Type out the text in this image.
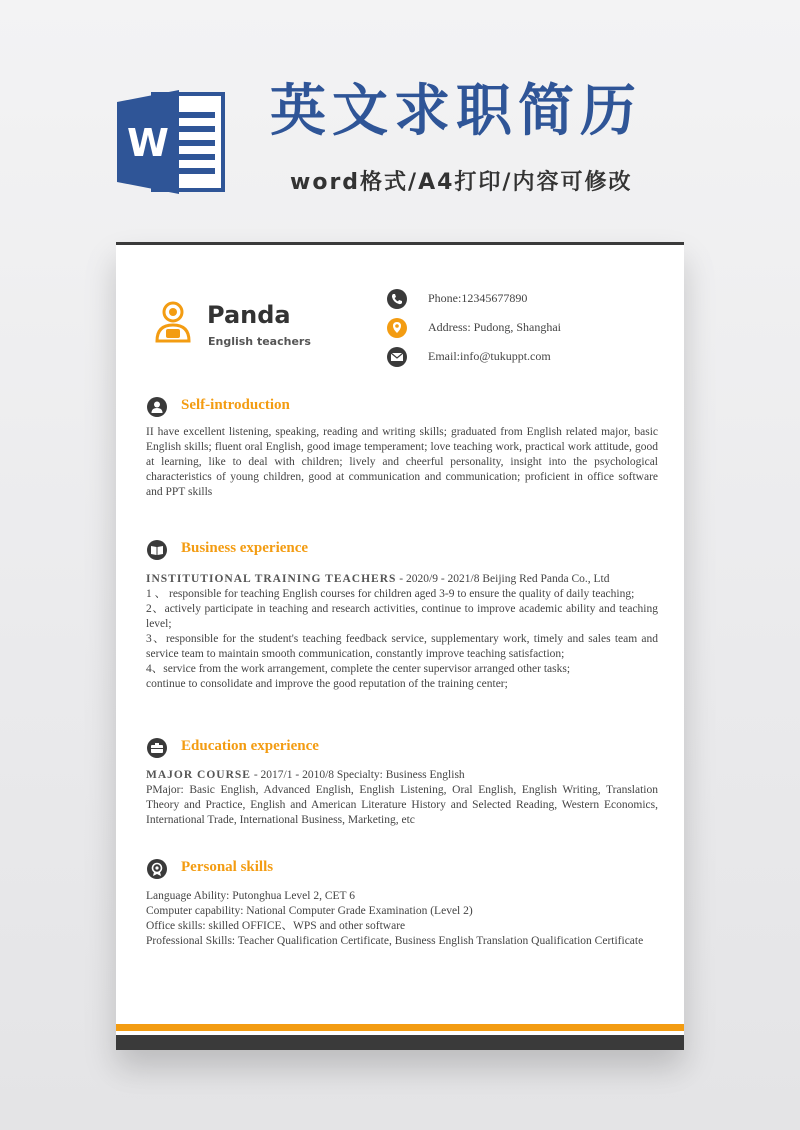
W 英文求职简历
word格式/A4打印/内容可修改
Panda
English teachers
Phone:12345677890
Address: Pudong, Shanghai
Email:info@tukuppt.com
Self-introduction
II have excellent listening, speaking, reading and writing skills; graduated from English related major, basic English skills; fluent oral English, good image temperament; love teaching work, practical work attitude, good at learning, like to deal with children; lively and cheerful personality, insight into the psychological characteristics of young children, good at communication and communication; proficient in office software and PPT skills
Business experience
INSTITUTIONAL TRAINING TEACHERS - 2020/9 - 2021/8 Beijing Red Panda Co., Ltd
1 、 responsible for teaching English courses for children aged 3-9 to ensure the quality of daily teaching;
2、actively participate in teaching and research activities, continue to improve academic ability and teaching level;
3、responsible for the student's teaching feedback service, supplementary work, timely and sales team and service team to maintain smooth communication, constantly improve teaching satisfaction;
4、service from the work arrangement, complete the center supervisor arranged other tasks;
continue to consolidate and improve the good reputation of the training center;
Education experience
MAJOR COURSE - 2017/1 - 2010/8 Specialty: Business English
PMajor: Basic English, Advanced English, English Listening, Oral English, English Writing, Translation Theory and Practice, English and American Literature History and Selected Reading, Western Economics, International Trade, International Business, Marketing, etc
Personal skills
Language Ability: Putonghua Level 2, CET 6
Computer capability: National Computer Grade Examination (Level 2)
Office skills: skilled OFFICE、WPS and other software
Professional Skills: Teacher Qualification Certificate, Business English Translation Qualification Certificate
